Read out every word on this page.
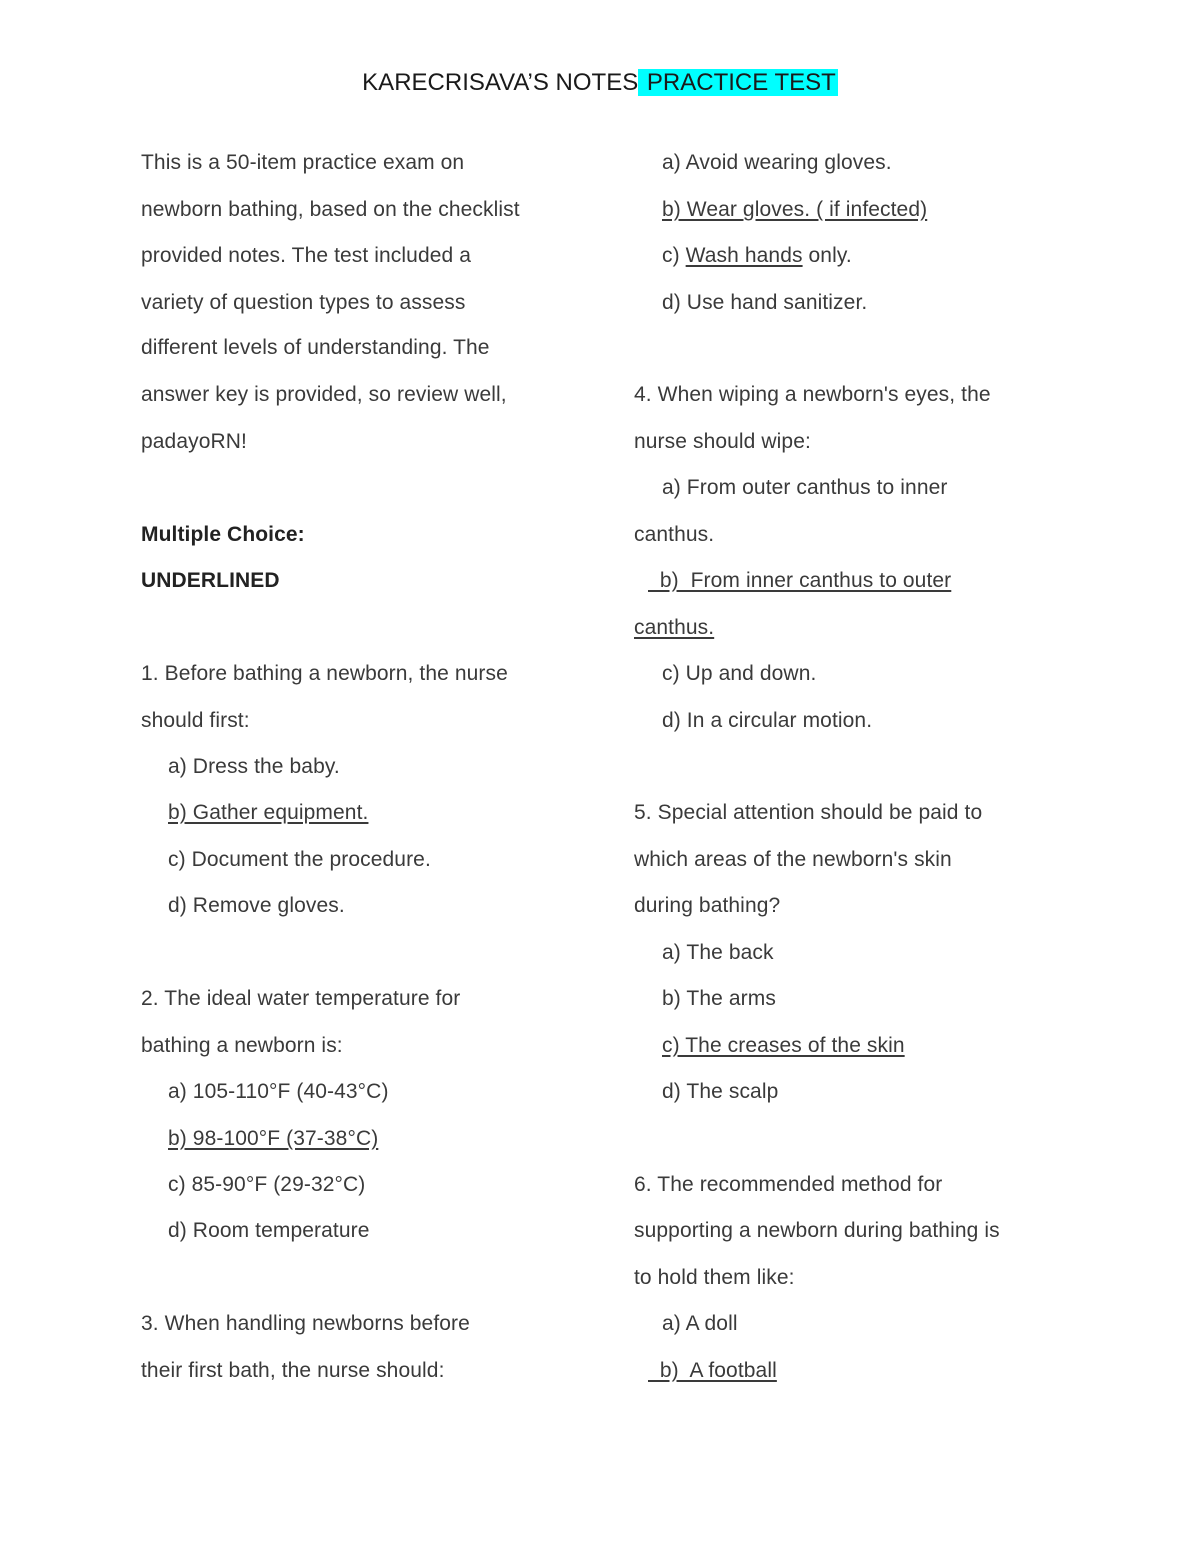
KARECRISAVA’S NOTES PRACTICE TEST
This is a 50-item practice exam on
newborn bathing, based on the checklist
provided notes. The test included a
variety of question types to assess
different levels of understanding. The
answer key is provided, so review well,
padayoRN!
Multiple Choice:
UNDERLINED
1. Before bathing a newborn, the nurse
should first:
a) Dress the baby.
b) Gather equipment.
c) Document the procedure.
d) Remove gloves.
2. The ideal water temperature for
bathing a newborn is:
a) 105-110°F (40-43°C)
b) 98-100°F (37-38°C)
c) 85-90°F (29-32°C)
d) Room temperature
3. When handling newborns before
their first bath, the nurse should:
a) Avoid wearing gloves.
b) Wear gloves. ( if infected)
c) Wash hands only.
d) Use hand sanitizer.
4. When wiping a newborn's eyes, the
nurse should wipe:
a) From outer canthus to inner
canthus.
b)  From inner canthus to outer
canthus.
c) Up and down.
d) In a circular motion.
5. Special attention should be paid to
which areas of the newborn's skin
during bathing?
a) The back
b) The arms
c) The creases of the skin
d) The scalp
6. The recommended method for
supporting a newborn during bathing is
to hold them like:
a) A doll
b)  A football
